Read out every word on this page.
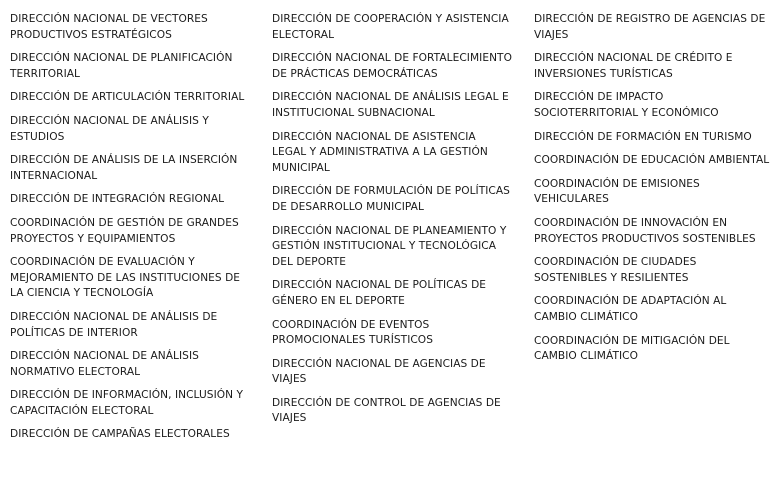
DIRECCIÓN NACIONAL DE VECTORES PRODUCTIVOS ESTRATÉGICOS
DIRECCIÓN NACIONAL DE PLANIFICACIÓN TERRITORIAL
DIRECCIÓN DE ARTICULACIÓN TERRITORIAL
DIRECCIÓN NACIONAL DE ANÁLISIS Y ESTUDIOS
DIRECCIÓN DE ANÁLISIS DE LA INSERCIÓN INTERNACIONAL
DIRECCIÓN DE INTEGRACIÓN REGIONAL
COORDINACIÓN DE GESTIÓN DE GRANDES PROYECTOS Y EQUIPAMIENTOS
COORDINACIÓN DE EVALUACIÓN Y MEJORAMIENTO DE LAS INSTITUCIONES DE LA CIENCIA Y TECNOLOGÍA
DIRECCIÓN NACIONAL DE ANÁLISIS DE POLÍTICAS DE INTERIOR
DIRECCIÓN NACIONAL DE ANÁLISIS NORMATIVO ELECTORAL
DIRECCIÓN DE INFORMACIÓN, INCLUSIÓN Y CAPACITACIÓN ELECTORAL
DIRECCIÓN DE CAMPAÑAS ELECTORALES
DIRECCIÓN DE COOPERACIÓN Y ASISTENCIA ELECTORAL
DIRECCIÓN NACIONAL DE FORTALECIMIENTO DE PRÁCTICAS DEMOCRÁTICAS
DIRECCIÓN NACIONAL DE ANÁLISIS LEGAL E INSTITUCIONAL SUBNACIONAL
DIRECCIÓN NACIONAL DE ASISTENCIA LEGAL Y ADMINISTRATIVA A LA GESTIÓN MUNICIPAL
DIRECCIÓN DE FORMULACIÓN DE POLÍTICAS DE DESARROLLO MUNICIPAL
DIRECCIÓN NACIONAL DE PLANEAMIENTO Y GESTIÓN INSTITUCIONAL Y TECNOLÓGICA DEL DEPORTE
DIRECCIÓN NACIONAL DE POLÍTICAS DE GÉNERO EN EL DEPORTE
COORDINACIÓN DE EVENTOS PROMOCIONALES TURÍSTICOS
DIRECCIÓN NACIONAL DE AGENCIAS DE VIAJES
DIRECCIÓN DE CONTROL DE AGENCIAS DE VIAJES
DIRECCIÓN DE REGISTRO DE AGENCIAS DE VIAJES
DIRECCIÓN NACIONAL DE CRÉDITO E INVERSIONES TURÍSTICAS
DIRECCIÓN DE IMPACTO SOCIOTERRITORIAL Y ECONÓMICO
DIRECCIÓN DE FORMACIÓN EN TURISMO
COORDINACIÓN DE EDUCACIÓN AMBIENTAL
COORDINACIÓN DE EMISIONES VEHICULARES
COORDINACIÓN DE INNOVACIÓN EN PROYECTOS PRODUCTIVOS SOSTENIBLES
COORDINACIÓN DE CIUDADES SOSTENIBLES Y RESILIENTES
COORDINACIÓN DE ADAPTACIÓN AL CAMBIO CLIMÁTICO
COORDINACIÓN DE MITIGACIÓN DEL CAMBIO CLIMÁTICO
